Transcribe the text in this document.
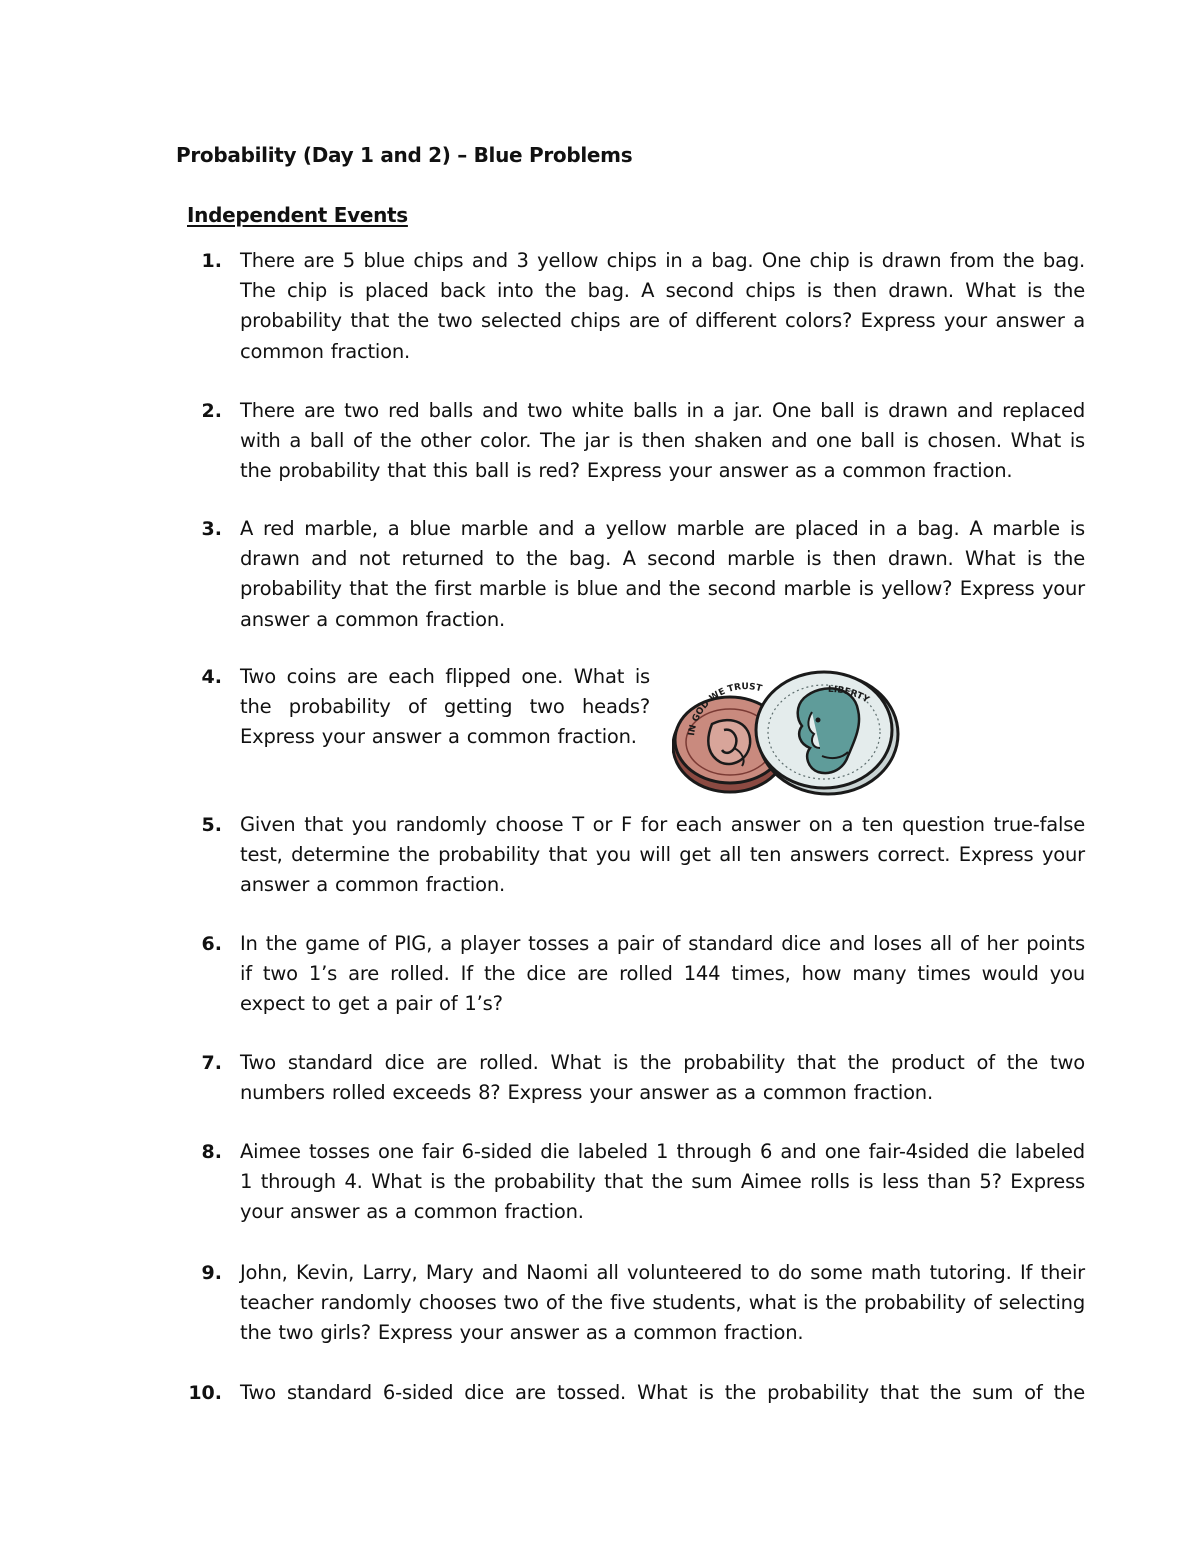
Probability (Day 1 and 2) – Blue Problems
Independent Events
1. There are 5 blue chips and 3 yellow chips in a bag. One chip is drawn from the bag. The chip is placed back into the bag. A second chips is then drawn. What is the probability that the two selected chips are of different colors? Express your answer a common fraction.
2. There are two red balls and two white balls in a jar. One ball is drawn and replaced with a ball of the other color. The jar is then shaken and one ball is chosen. What is the probability that this ball is red? Express your answer as a common fraction.
3. A red marble, a blue marble and a yellow marble are placed in a bag. A marble is drawn and not returned to the bag. A second marble is then drawn. What is the probability that the first marble is blue and the second marble is yellow? Express your answer a common fraction.
4. Two coins are each flipped one. What is the probability of getting two heads? Express your answer a common fraction.	IN GOD WE TRUST	LIBERTY
5. Given that you randomly choose T or F for each answer on a ten question true-false test, determine the probability that you will get all ten answers correct. Express your answer a common fraction.
6. In the game of PIG, a player tosses a pair of standard dice and loses all of her points if two 1’s are rolled. If the dice are rolled 144 times, how many times would you expect to get a pair of 1’s?
7. Two standard dice are rolled. What is the probability that the product of the two numbers rolled exceeds 8? Express your answer as a common fraction.
8. Aimee tosses one fair 6-sided die labeled 1 through 6 and one fair-4sided die labeled 1 through 4. What is the probability that the sum Aimee rolls is less than 5? Express your answer as a common fraction.
9. John, Kevin, Larry, Mary and Naomi all volunteered to do some math tutoring. If their teacher randomly chooses two of the five students, what is the probability of selecting the two girls? Express your answer as a common fraction.
10. Two standard 6-sided dice are tossed. What is the probability that the sum of the
